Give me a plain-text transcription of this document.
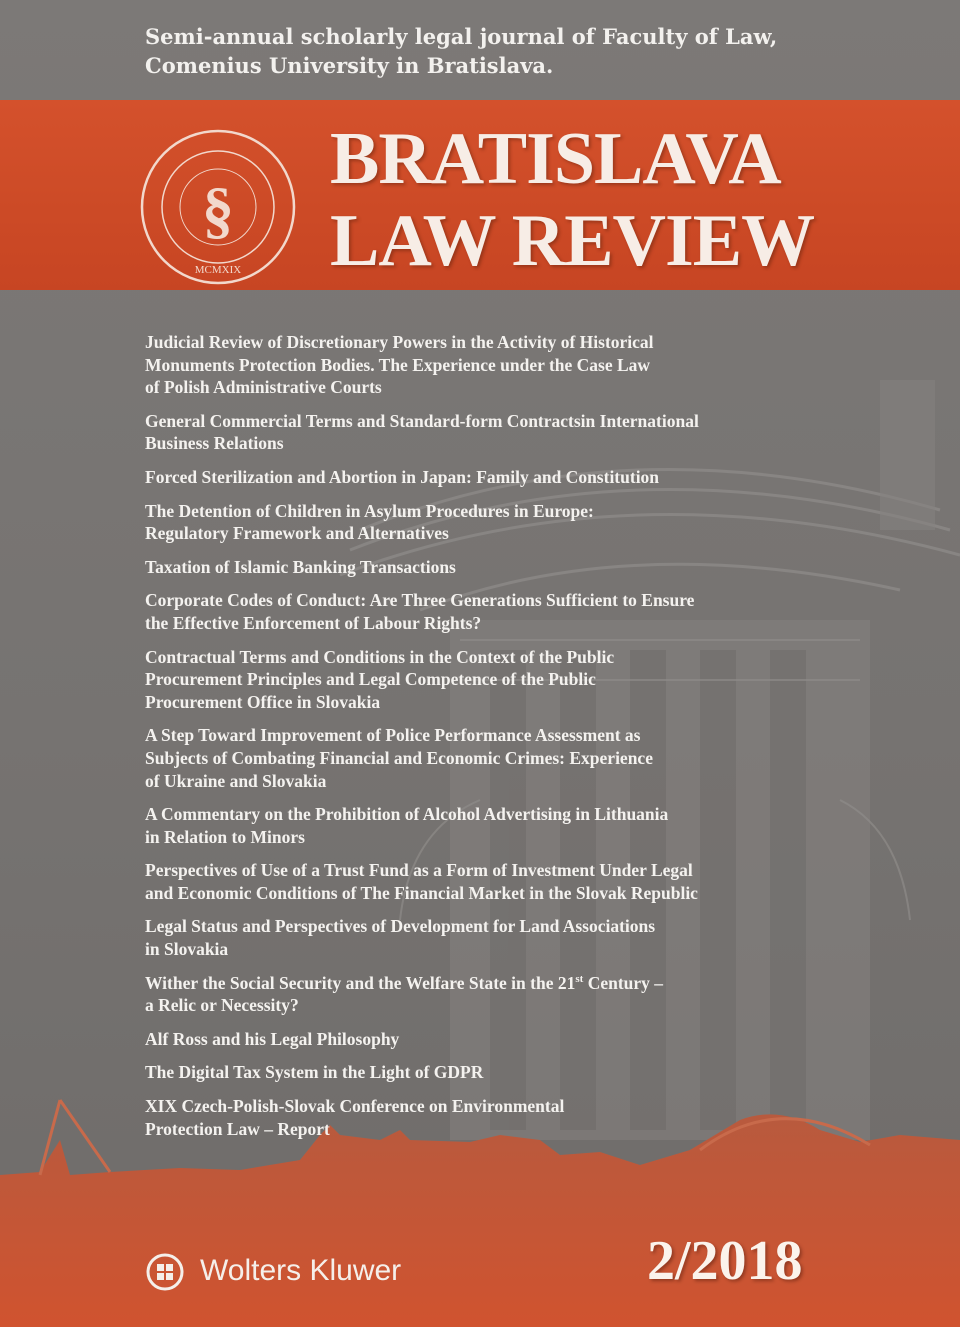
Semi-annual scholarly legal journal of Faculty of Law,
Comenius University in Bratislava.

§
MCMXIX
BRATISLAVA
LAW REVIEW
Judicial Review of Discretionary Powers in the Activity of Historical
Monuments Protection Bodies. The Experience under the Case Law
of Polish Administrative Courts
General Commercial Terms and Standard-form Contractsin International
Business Relations
Forced Sterilization and Abortion in Japan: Family and Constitution
The Detention of Children in Asylum Procedures in Europe:
Regulatory Framework and Alternatives
Taxation of Islamic Banking Transactions
Corporate Codes of Conduct: Are Three Generations Sufficient to Ensure
the Effective Enforcement of Labour Rights?
Contractual Terms and Conditions in the Context of the Public
Procurement Principles and Legal Competence of the Public
Procurement Office in Slovakia
A Step Toward Improvement of Police Performance Assessment as
Subjects of Combating Financial and Economic Crimes: Experience
of Ukraine and Slovakia
A Commentary on the Prohibition of Alcohol Advertising in Lithuania
in Relation to Minors
Perspectives of Use of a Trust Fund as a Form of Investment Under Legal
and Economic Conditions of The Financial Market in the Slovak Republic
Legal Status and Perspectives of Development for Land Associations
in Slovakia
Wither the Social Security and the Welfare State in the 21st Century –
a Relic or Necessity?
Alf Ross and his Legal Philosophy
The Digital Tax System in the Light of GDPR
XIX Czech-Polish-Slovak Conference on Environmental
Protection Law – Report
Wolters Kluwer	2/2018
